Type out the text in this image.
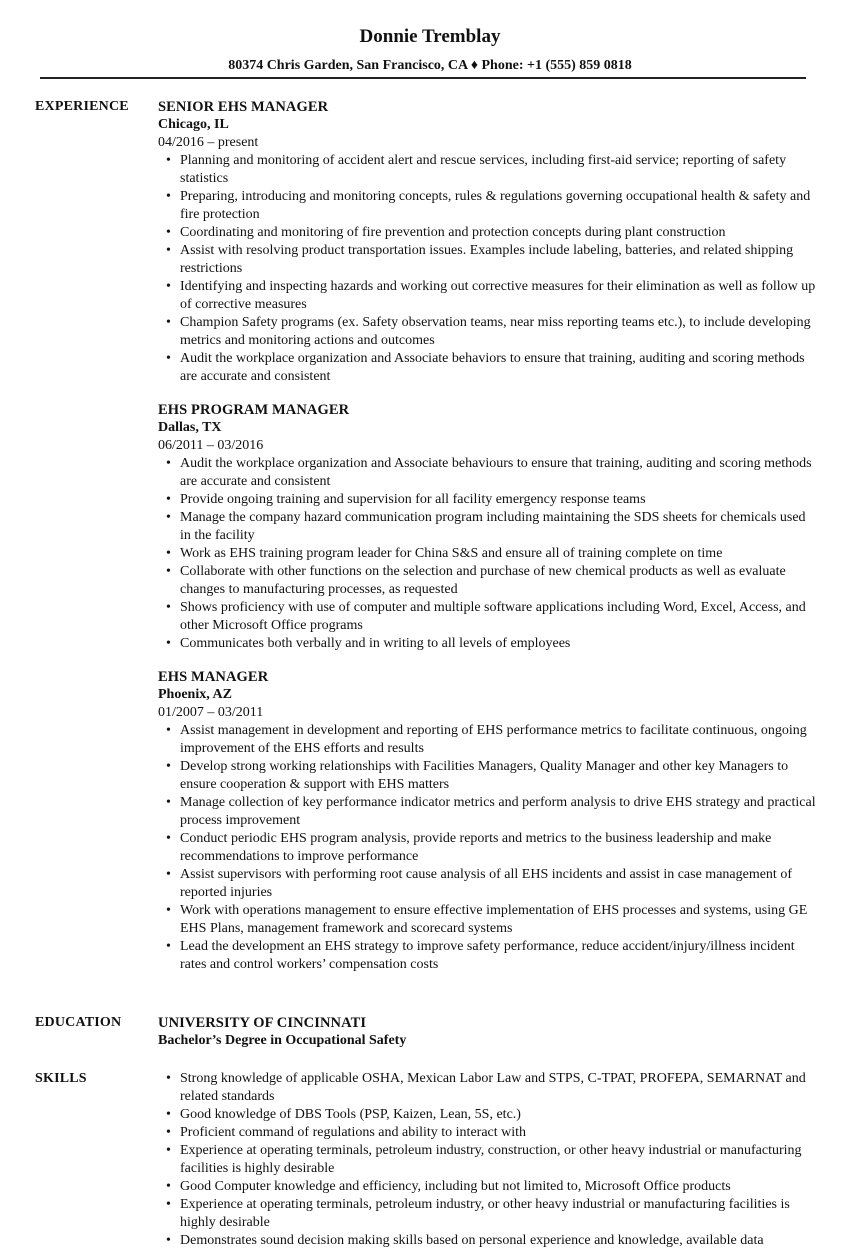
Donnie Tremblay
80374 Chris Garden, San Francisco, CA ♦ Phone: +1 (555) 859 0818
EXPERIENCE SENIOR EHS MANAGER
Chicago, IL
04/2016 – present
• Planning and monitoring of accident alert and rescue services, including first-aid service; reporting of safety statistics
• Preparing, introducing and monitoring concepts, rules & regulations governing occupational health & safety and fire protection
• Coordinating and monitoring of fire prevention and protection concepts during plant construction
• Assist with resolving product transportation issues. Examples include labeling, batteries, and related shipping restrictions
• Identifying and inspecting hazards and working out corrective measures for their elimination as well as follow up of corrective measures
• Champion Safety programs (ex. Safety observation teams, near miss reporting teams etc.), to include developing metrics and monitoring actions and outcomes
• Audit the workplace organization and Associate behaviors to ensure that training, auditing and scoring methods are accurate and consistent
EHS PROGRAM MANAGER
Dallas, TX
06/2011 – 03/2016
• Audit the workplace organization and Associate behaviours to ensure that training, auditing and scoring methods are accurate and consistent
• Provide ongoing training and supervision for all facility emergency response teams
• Manage the company hazard communication program including maintaining the SDS sheets for chemicals used in the facility
• Work as EHS training program leader for China S&S and ensure all of training complete on time
• Collaborate with other functions on the selection and purchase of new chemical products as well as evaluate changes to manufacturing processes, as requested
• Shows proficiency with use of computer and multiple software applications including Word, Excel, Access, and other Microsoft Office programs
• Communicates both verbally and in writing to all levels of employees
EHS MANAGER
Phoenix, AZ
01/2007 – 03/2011
• Assist management in development and reporting of EHS performance metrics to facilitate continuous, ongoing improvement of the EHS efforts and results
• Develop strong working relationships with Facilities Managers, Quality Manager and other key Managers to ensure cooperation & support with EHS matters
• Manage collection of key performance indicator metrics and perform analysis to drive EHS strategy and practical process improvement
• Conduct periodic EHS program analysis, provide reports and metrics to the business leadership and make recommendations to improve performance
• Assist supervisors with performing root cause analysis of all EHS incidents and assist in case management of reported injuries
• Work with operations management to ensure effective implementation of EHS processes and systems, using GE EHS Plans, management framework and scorecard systems
• Lead the development an EHS strategy to improve safety performance, reduce accident/injury/illness incident rates and control workers’ compensation costs
EDUCATION	UNIVERSITY OF CINCINNATI
Bachelor’s Degree in Occupational Safety
SKILLS
•	Strong knowledge of applicable OSHA, Mexican Labor Law and STPS, C-TPAT, PROFEPA, SEMARNAT and related standards
• Good knowledge of DBS Tools (PSP, Kaizen, Lean, 5S, etc.)
• Proficient command of regulations and ability to interact with
• Experience at operating terminals, petroleum industry, construction, or other heavy industrial or manufacturing facilities is highly desirable
• Good Computer knowledge and efficiency, including but not limited to, Microsoft Office products
• Experience at operating terminals, petroleum industry, or other heavy industrial or manufacturing facilities is highly desirable
• Demonstrates sound decision making skills based on personal experience and knowledge, available data
